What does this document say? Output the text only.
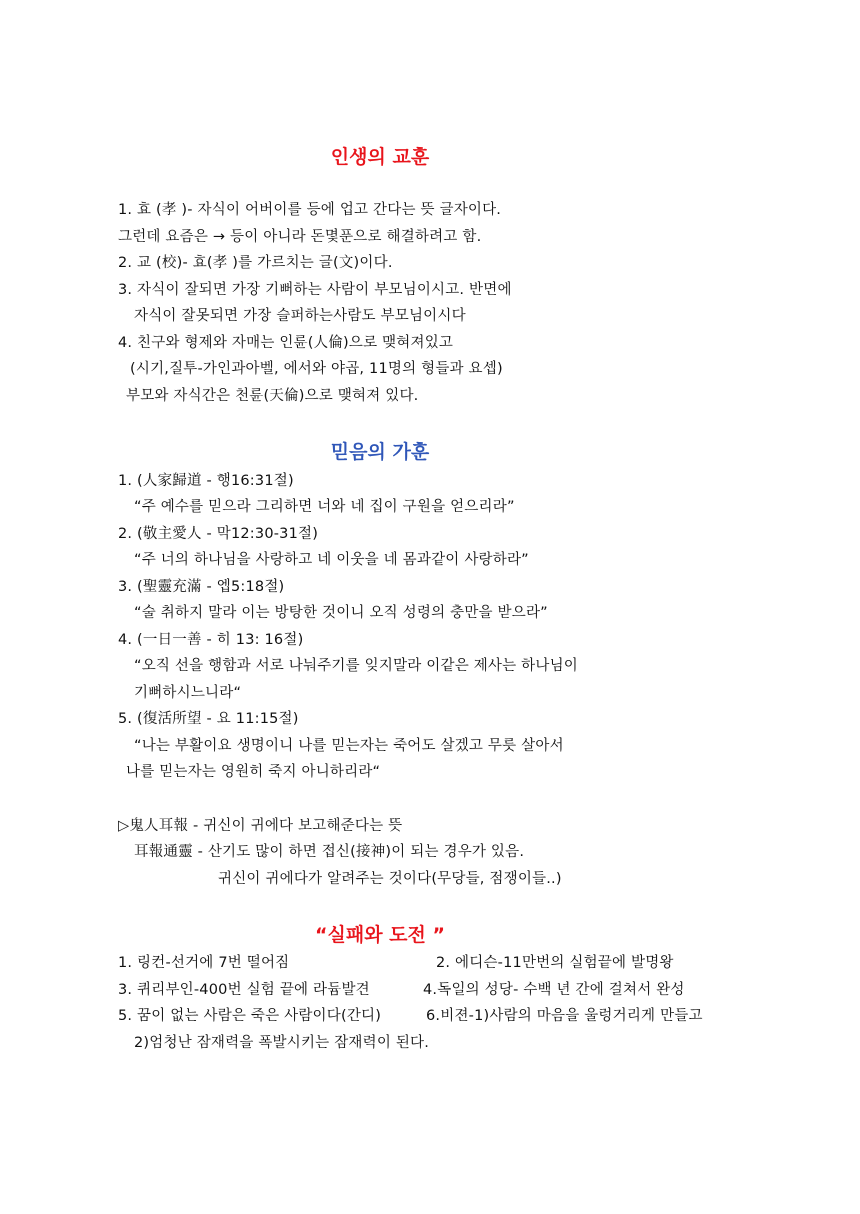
인생의 교훈
1. 효 (孝 )- 자식이 어버이를 등에 업고 간다는 뜻 글자이다.
그런데 요즘은 → 등이 아니라 돈몇푼으로 해결하려고 함.
2. 교 (校)- 효(孝 )를 가르치는 글(文)이다.
3. 자식이 잘되면 가장 기뻐하는 사람이 부모님이시고. 반면에
자식이 잘못되면 가장 슬퍼하는사람도 부모님이시다
4. 친구와 형제와 자매는 인륜(人倫)으로 맺혀져있고
(시기,질투-가인과아벨, 에서와 야곱, 11명의 형들과 요셉)
부모와 자식간은 천륜(天倫)으로 맺혀져 있다.
믿음의 가훈
1. (人家歸道 - 행16:31절)
“주 예수를 믿으라 그리하면 너와 네 집이 구원을 얻으리라”
2. (敬主愛人 - 막12:30-31절)
“주 너의 하나님을 사랑하고 네 이웃을 네 몸과같이 사랑하라”
3. (聖靈充滿 - 엡5:18절)
“술 취하지 말라 이는 방탕한 것이니 오직 성령의 충만을 받으라”
4. (一日一善 - 히 13: 16절)
“오직 선을 행함과 서로 나눠주기를 잊지말라 이같은 제사는 하나님이
기뻐하시느니라“
5. (復活所望 - 요 11:15절)
“나는 부활이요 생명이니 나를 믿는자는 죽어도 살겠고 무릇 살아서
나를 믿는자는 영원히 죽지 아니하리라“
▷鬼人耳報 - 귀신이 귀에다 보고해준다는 뜻
耳報通靈 - 산기도 많이 하면 접신(接神)이 되는 경우가 있음.
귀신이 귀에다가 알려주는 것이다(무당들, 점쟁이들..)
“실패와 도전 ”
1. 링컨-선거에 7번 떨어짐	2. 에디슨-11만번의 실험끝에 발명왕
3. 퀴리부인-400번 실험 끝에 라듐발견	4.독일의 성당- 수백 년 간에 걸쳐서 완성
5. 꿈이 없는 사람은 죽은 사람이다(간디)	6.비젼-1)사람의 마음을 울렁거리게 만들고
2)엄청난 잠재력을 폭발시키는 잠재력이 된다.
